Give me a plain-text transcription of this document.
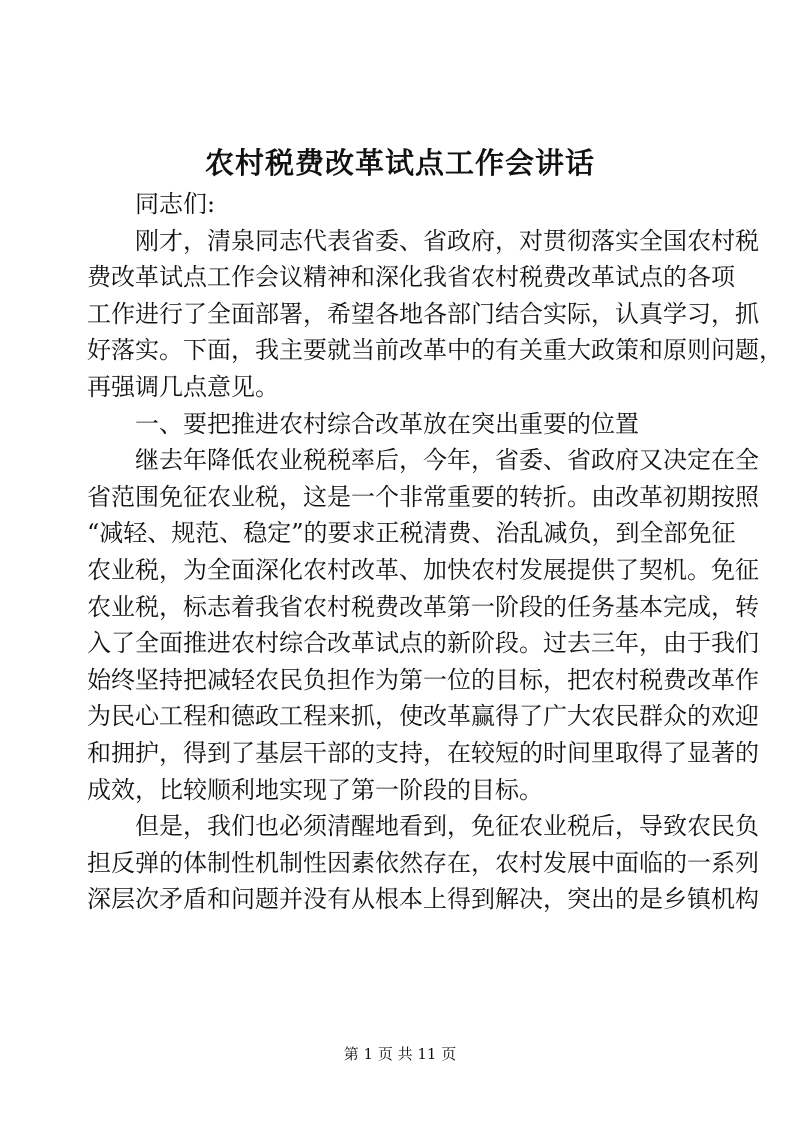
农村税费改革试点工作会讲话

同志们:

刚才，清泉同志代表省委、省政府，对贯彻落实全国农村税
费改革试点工作会议精神和深化我省农村税费改革试点的各项
工作进行了全面部署，希望各地各部门结合实际，认真学习，抓
好落实。下面，我主要就当前改革中的有关重大政策和原则问题，
再强调几点意见。

一、要把推进农村综合改革放在突出重要的位置

继去年降低农业税税率后，今年，省委、省政府又决定在全
省范围免征农业税，这是一个非常重要的转折。由改革初期按照
“减轻、规范、稳定”的要求正税清费、治乱减负，到全部免征
农业税，为全面深化农村改革、加快农村发展提供了契机。免征
农业税，标志着我省农村税费改革第一阶段的任务基本完成，转
入了全面推进农村综合改革试点的新阶段。过去三年，由于我们
始终坚持把减轻农民负担作为第一位的目标，把农村税费改革作
为民心工程和德政工程来抓，使改革赢得了广大农民群众的欢迎
和拥护，得到了基层干部的支持，在较短的时间里取得了显著的
成效，比较顺利地实现了第一阶段的目标。

但是，我们也必须清醒地看到，免征农业税后，导致农民负
担反弹的体制性机制性因素依然存在，农村发展中面临的一系列
深层次矛盾和问题并没有从根本上得到解决，突出的是乡镇机构

第 1 页 共 11 页
